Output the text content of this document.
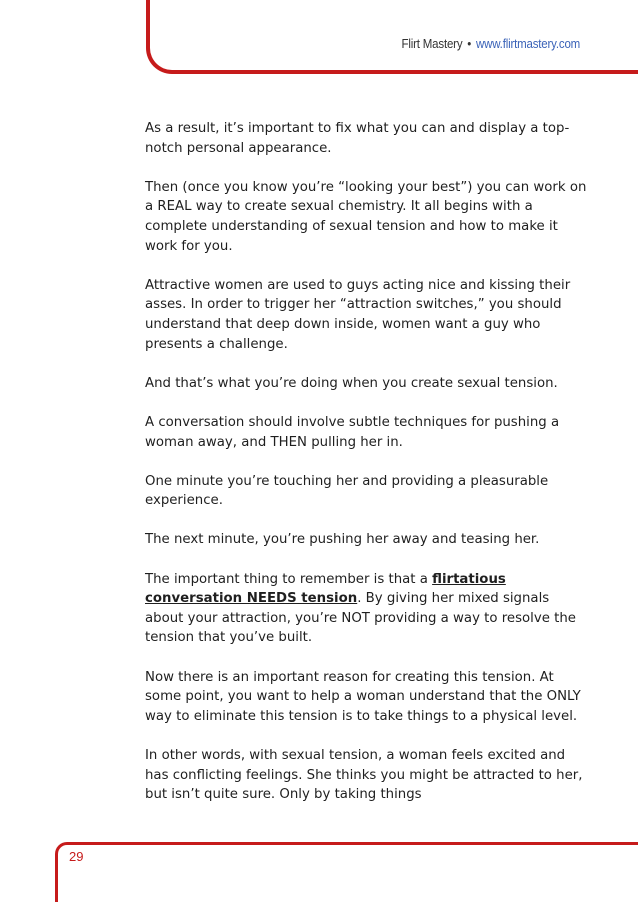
Flirt Mastery • www.flirtmastery.com

As a result, it’s important to fix what you can and display a top-notch personal appearance.

Then (once you know you’re “looking your best”) you can work on a REAL way to create sexual chemistry. It all begins with a complete understanding of sexual tension and how to make it work for you.

Attractive women are used to guys acting nice and kissing their asses. In order to trigger her “attraction switches,” you should understand that deep down inside, women want a guy who presents a challenge.

And that’s what you’re doing when you create sexual tension.

A conversation should involve subtle techniques for pushing a woman away, and THEN pulling her in.

One minute you’re touching her and providing a pleasurable experience.

The next minute, you’re pushing her away and teasing her.

The important thing to remember is that a flirtatious conversation NEEDS tension. By giving her mixed signals about your attraction, you’re NOT providing a way to resolve the tension that you’ve built.

Now there is an important reason for creating this tension. At some point, you want to help a woman understand that the ONLY way to eliminate this tension is to take things to a physical level.

In other words, with sexual tension, a woman feels excited and has conflicting feelings. She thinks you might be attracted to her, but isn’t quite sure. Only by taking things

29
